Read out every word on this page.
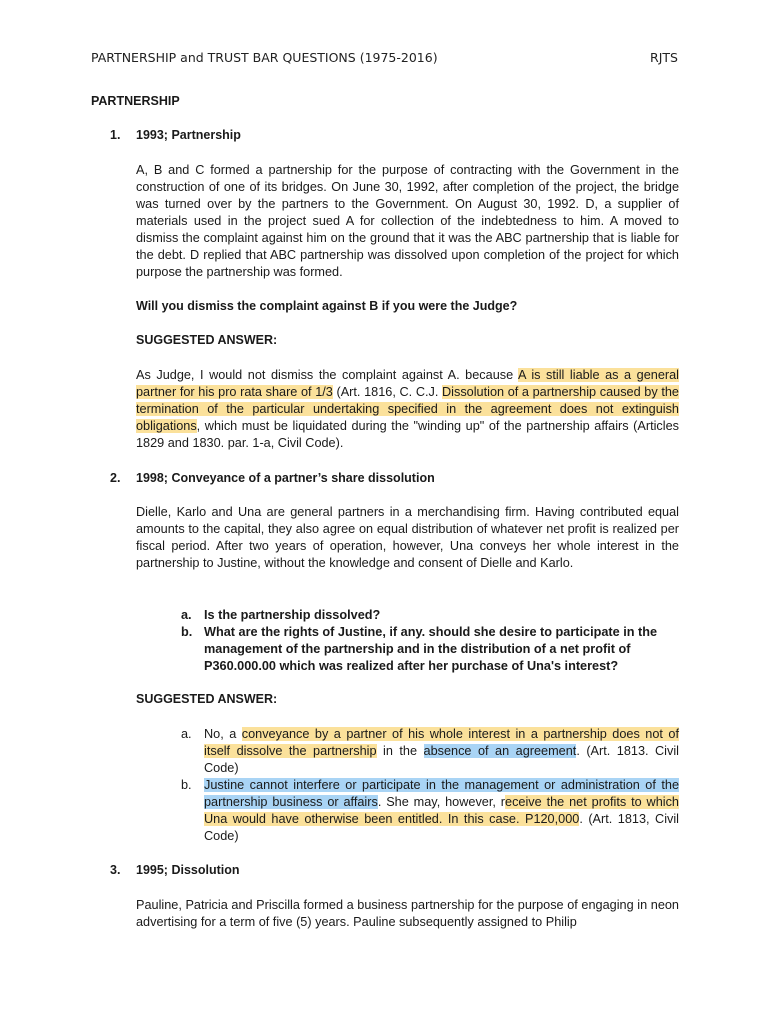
PARTNERSHIP and TRUST BAR QUESTIONS (1975-2016)	RJTS
PARTNERSHIP
1. 1993; Partnership
A, B and C formed a partnership for the purpose of contracting with the Government in the construction of one of its bridges. On June 30, 1992, after completion of the project, the bridge was turned over by the partners to the Government. On August 30, 1992. D, a supplier of materials used in the project sued A for collection of the indebtedness to him. A moved to dismiss the complaint against him on the ground that it was the ABC partnership that is liable for the debt. D replied that ABC partnership was dissolved upon completion of the project for which purpose the partnership was formed.
Will you dismiss the complaint against B if you were the Judge?
SUGGESTED ANSWER:
As Judge, I would not dismiss the complaint against A. because A is still liable as a general partner for his pro rata share of 1/3 (Art. 1816, C. C.J. Dissolution of a partnership caused by the termination of the particular undertaking specified in the agreement does not extinguish obligations, which must be liquidated during the "winding up" of the partnership affairs (Articles 1829 and 1830. par. 1-a, Civil Code).
2. 1998; Conveyance of a partner’s share dissolution
Dielle, Karlo and Una are general partners in a merchandising firm. Having contributed equal amounts to the capital, they also agree on equal distribution of whatever net profit is realized per fiscal period. After two years of operation, however, Una conveys her whole interest in the partnership to Justine, without the knowledge and consent of Dielle and Karlo.
a. Is the partnership dissolved?
b. What are the rights of Justine, if any. should she desire to participate in the management of the partnership and in the distribution of a net profit of P360.000.00 which was realized after her purchase of Una's interest?
SUGGESTED ANSWER:
a. No, a conveyance by a partner of his whole interest in a partnership does not of itself dissolve the partnership in the absence of an agreement. (Art. 1813. Civil Code)
b. Justine cannot interfere or participate in the management or administration of the partnership business or affairs. She may, however, receive the net profits to which Una would have otherwise been entitled. In this case. P120,000. (Art. 1813, Civil Code)
3. 1995; Dissolution
Pauline, Patricia and Priscilla formed a business partnership for the purpose of engaging in neon advertising for a term of five (5) years. Pauline subsequently assigned to Philip
